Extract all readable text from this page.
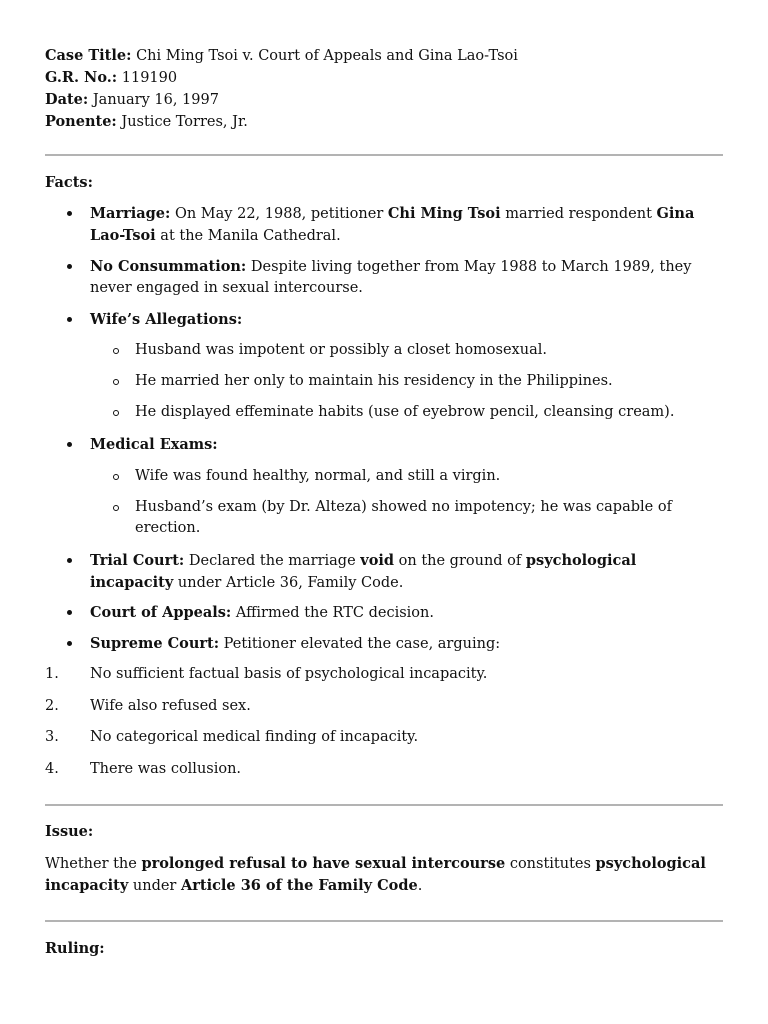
Case Title: Chi Ming Tsoi v. Court of Appeals and Gina Lao-Tsoi

G.R. No.: 119190

Date: January 16, 1997

Ponente: Justice Torres, Jr.

Facts:

Marriage: On May 22, 1988, petitioner Chi Ming Tsoi married respondent Gina Lao-Tsoi at the Manila Cathedral.

No Consummation: Despite living together from May 1988 to March 1989, they never engaged in sexual intercourse.

Wife’s Allegations:

Husband was impotent or possibly a closet homosexual.

He married her only to maintain his residency in the Philippines.

He displayed effeminate habits (use of eyebrow pencil, cleansing cream).

Medical Exams:

Wife was found healthy, normal, and still a virgin.

Husband’s exam (by Dr. Alteza) showed no impotency; he was capable of erection.

Trial Court: Declared the marriage void on the ground of psychological incapacity under Article 36, Family Code.

Court of Appeals: Affirmed the RTC decision.

Supreme Court: Petitioner elevated the case, arguing:

1. No sufficient factual basis of psychological incapacity.

2. Wife also refused sex.

3. No categorical medical finding of incapacity.

4. There was collusion.

Issue:

Whether the prolonged refusal to have sexual intercourse constitutes psychological incapacity under Article 36 of the Family Code.

Ruling:
